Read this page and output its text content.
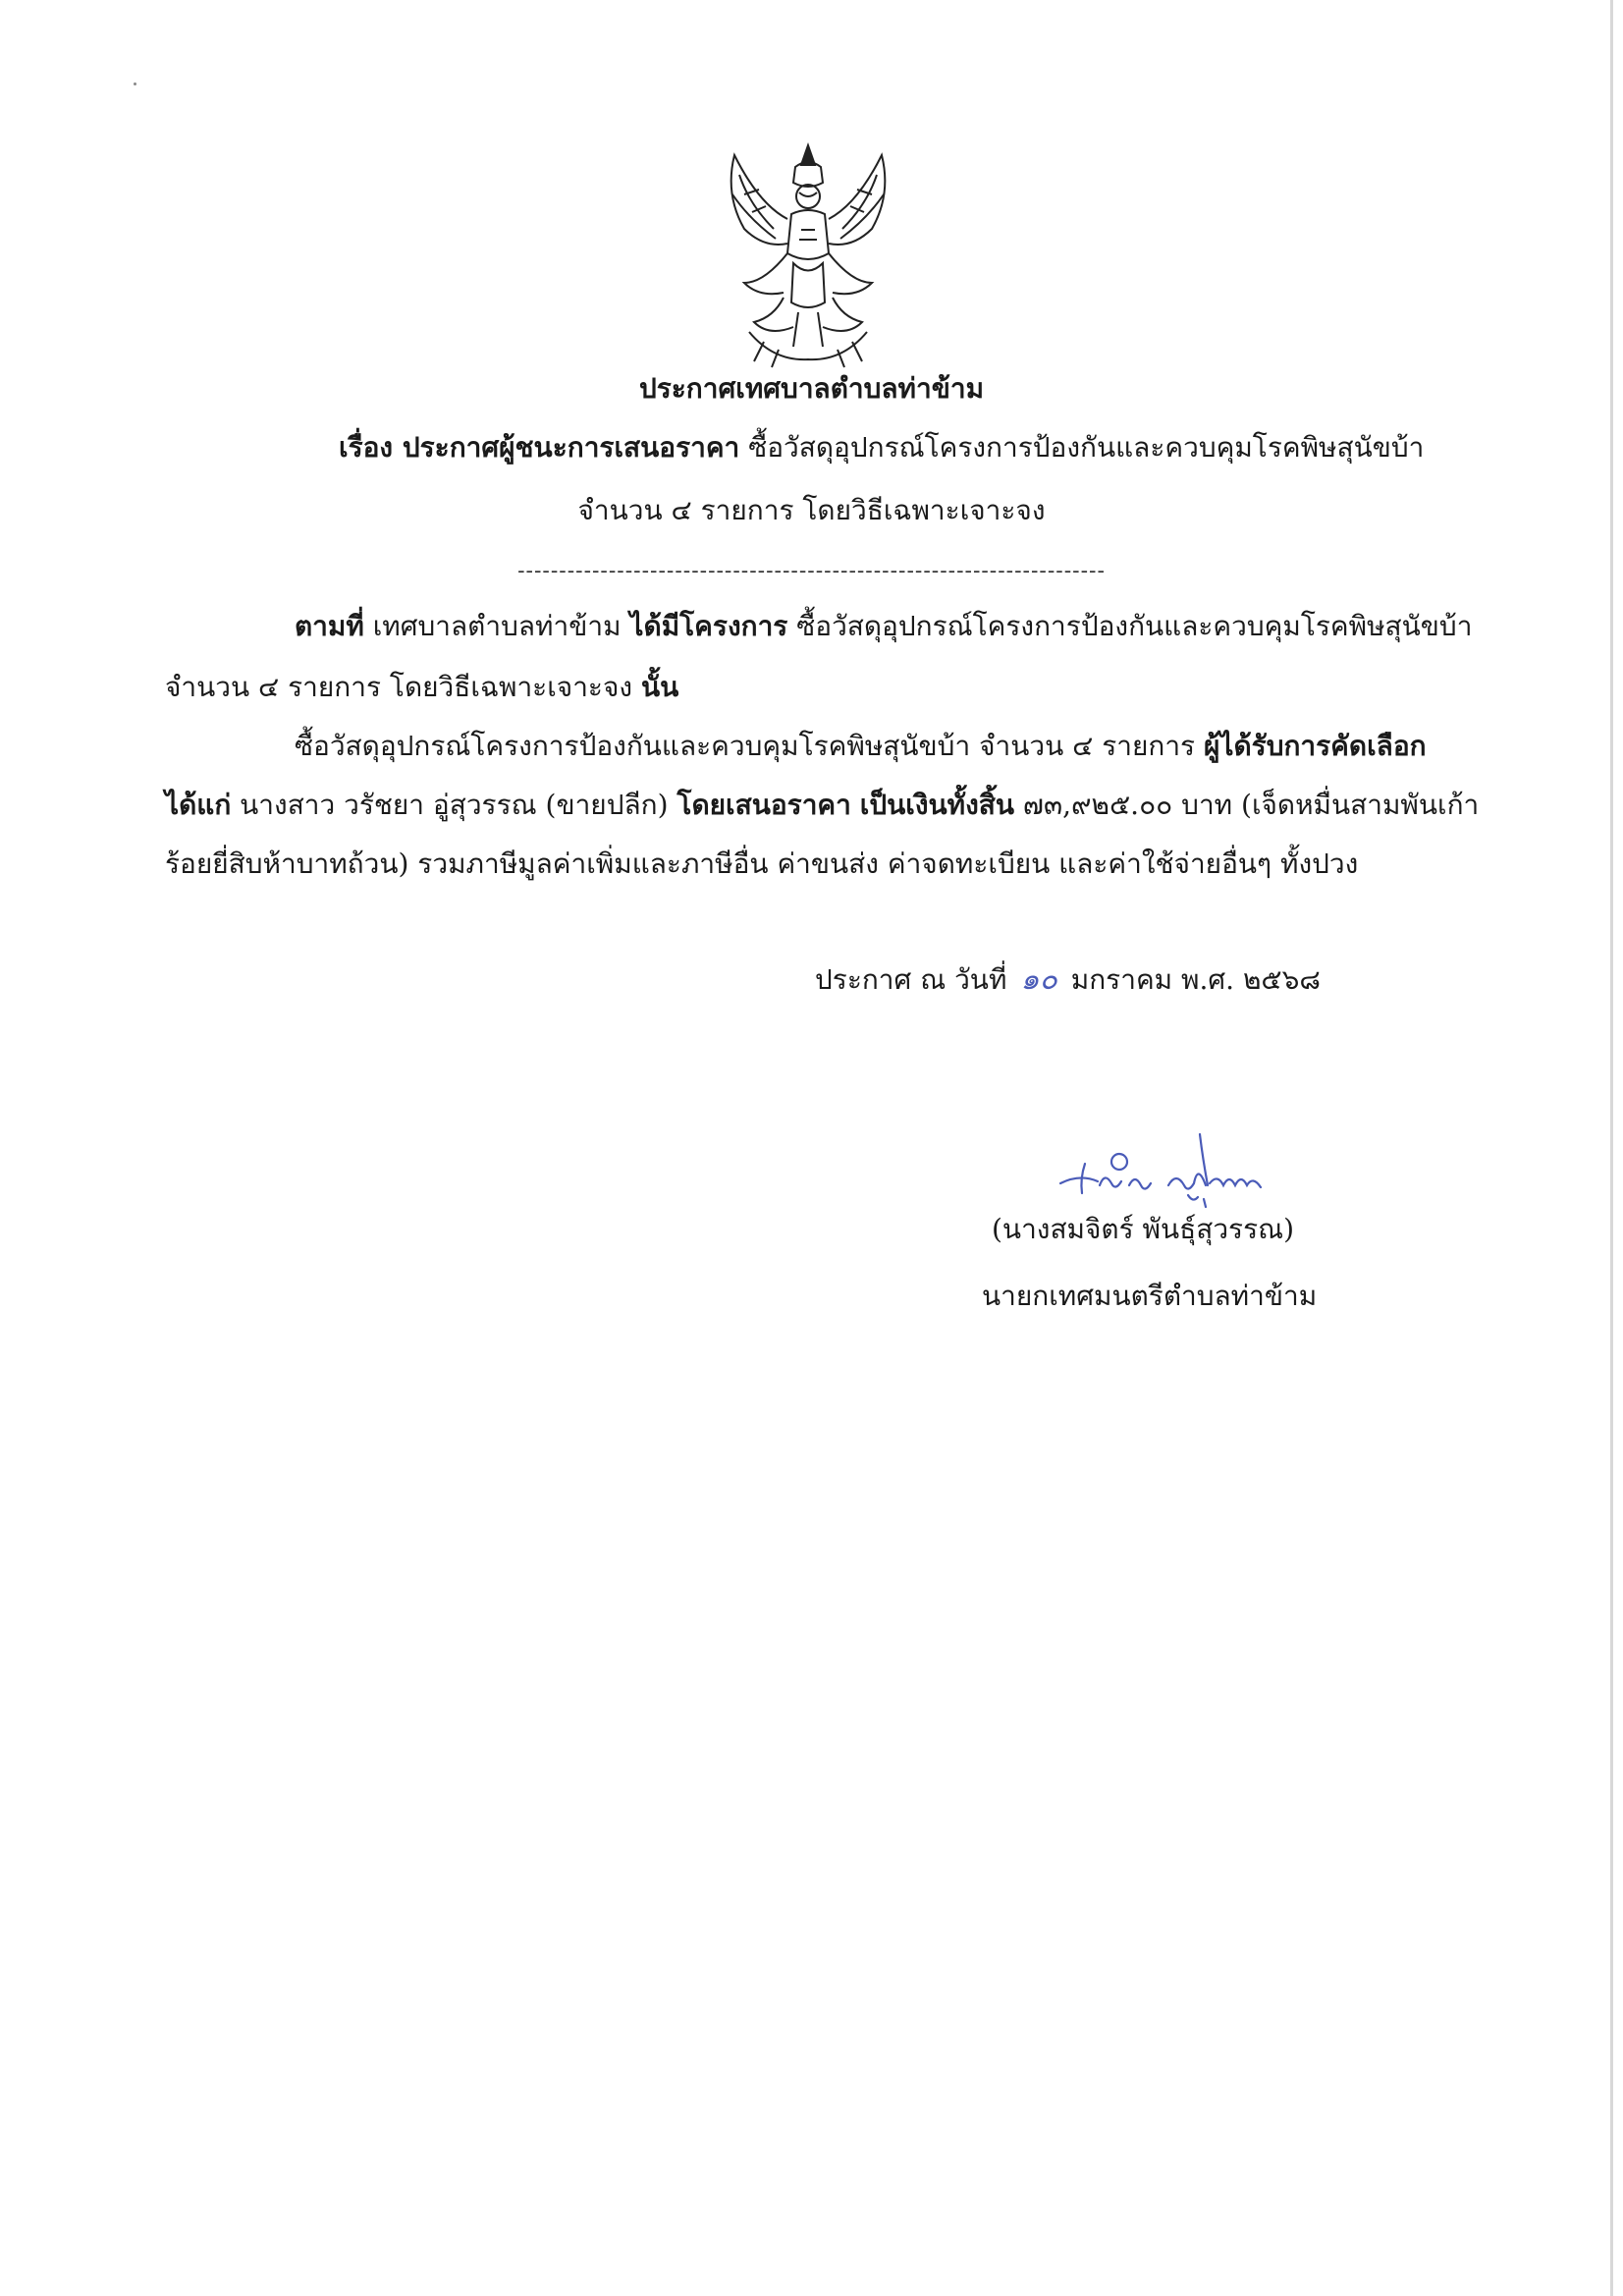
ประกาศเทศบาลตำบลท่าข้าม
เรื่อง ประกาศผู้ชนะการเสนอราคา ซื้อวัสดุอุปกรณ์โครงการป้องกันและควบคุมโรคพิษสุนัขบ้า
จำนวน ๔ รายการ โดยวิธีเฉพาะเจาะจง
-----------------------------------------------------------------------
ตามที่ เทศบาลตำบลท่าข้าม ได้มีโครงการ ซื้อวัสดุอุปกรณ์โครงการป้องกันและควบคุมโรคพิษสุนัขบ้า
จำนวน ๔ รายการ โดยวิธีเฉพาะเจาะจง นั้น
ซื้อวัสดุอุปกรณ์โครงการป้องกันและควบคุมโรคพิษสุนัขบ้า จำนวน ๔ รายการ ผู้ได้รับการคัดเลือก
ได้แก่ นางสาว วรัชยา อู่สุวรรณ (ขายปลีก) โดยเสนอราคา เป็นเงินทั้งสิ้น ๗๓,๙๒๕.๐๐ บาท (เจ็ดหมื่นสามพันเก้า
ร้อยยี่สิบห้าบาทถ้วน) รวมภาษีมูลค่าเพิ่มและภาษีอื่น ค่าขนส่ง ค่าจดทะเบียน และค่าใช้จ่ายอื่นๆ ทั้งปวง
ประกาศ ณ วันที่ ๑๐ มกราคม พ.ศ. ๒๕๖๘
(นางสมจิตร์ พันธุ์สุวรรณ)
นายกเทศมนตรีตำบลท่าข้าม
